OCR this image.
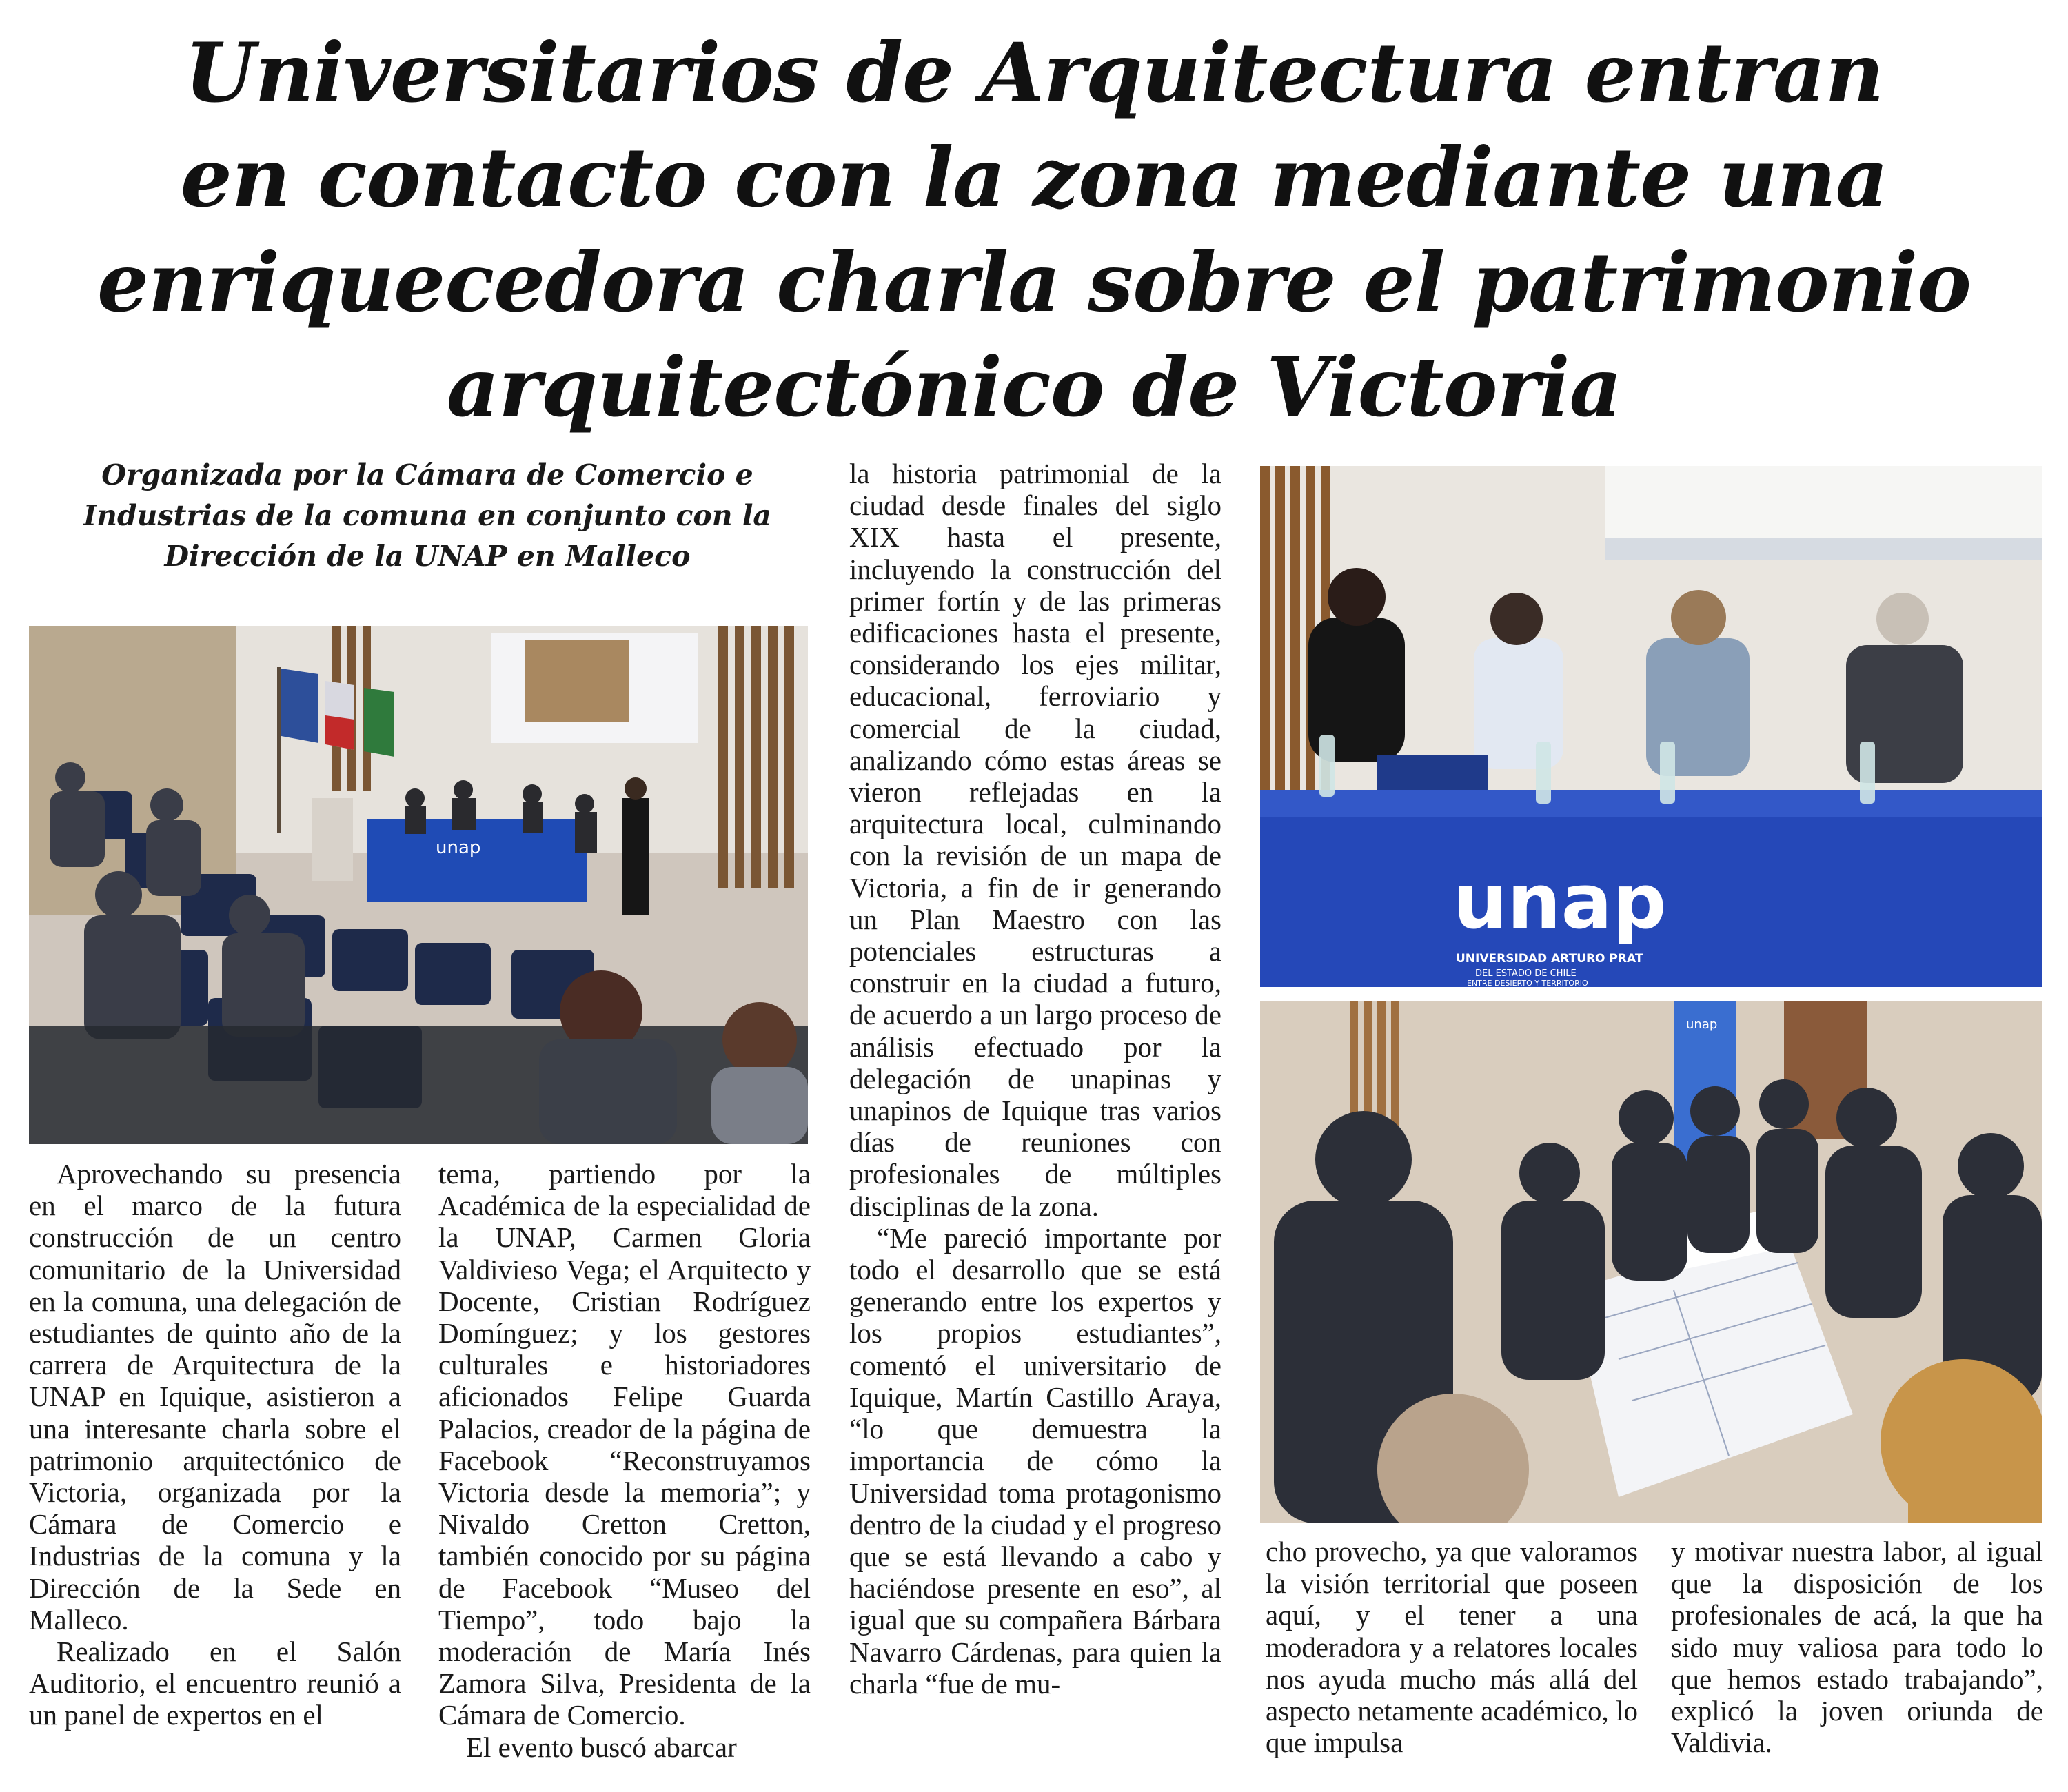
Universitarios de Arquitectura entran
en contacto con la zona mediante una
enriquecedora charla sobre el patrimonio
arquitectónico de Victoria
Organizada por la Cámara de Comercio e
Industrias de la comuna en conjunto con la
Dirección de la UNAP en Malleco
unap
unap
UNIVERSIDAD ARTURO PRAT
DEL ESTADO DE CHILE
ENTRE DESIERTO Y TERRITORIO
unap

Aprovechando su presencia en el marco de la futura construcción de un centro comunitario de la Universidad en la comuna, una delegación de estudiantes de quinto año de la carrera de Arquitectura de la UNAP en Iquique, asistieron a una interesante charla sobre el patrimonio arquitectónico de Victoria, organizada por la Cámara de Comercio e Industrias de la comuna y la Dirección de la Sede en Malleco.

Realizado en el Salón Auditorio, el encuentro reunió a un panel de expertos en el

tema, partiendo por la Académica de la especialidad de la UNAP, Carmen Gloria Valdivieso Vega; el Arquitecto y Docente, Cristian Rodríguez Domínguez; y los gestores culturales e historiadores aficionados Felipe Guarda Palacios, creador de la página de Facebook “Reconstruyamos Victoria desde la memoria”; y Nivaldo Cretton Cretton, también conocido por su página de Facebook “Museo del Tiempo”, todo bajo la moderación de María Inés Zamora Silva, Presidenta de la Cámara de Comercio.

El evento buscó abarcar

la historia patrimonial de la ciudad desde finales del siglo XIX hasta el presente, incluyendo la construcción del primer fortín y de las primeras edificaciones hasta el presente, considerando los ejes militar, educacional, ferroviario y comercial de la ciudad, analizando cómo estas áreas se vieron reflejadas en la arquitectura local, culminando con la revisión de un mapa de Victoria, a fin de ir generando un Plan Maestro con las potenciales estructuras a construir en la ciudad a futuro, de acuerdo a un largo proceso de análisis efectuado por la delegación de unapinas y unapinos de Iquique tras varios días de reuniones con profesionales de múltiples disciplinas de la zona.

“Me pareció importante por todo el desarrollo que se está generando entre los expertos y los propios estudiantes”, comentó el universitario de Iquique, Martín Castillo Araya, “lo que demuestra la importancia de cómo la Universidad toma protagonismo dentro de la ciudad y el progreso que se está llevando a cabo y haciéndose presente en eso”, al igual que su compañera Bárbara Navarro Cárdenas, para quien la charla “fue de mu-

cho provecho, ya que valoramos la visión territorial que poseen aquí, y el tener a una moderadora y a relatores locales nos ayuda mucho más allá del aspecto netamente académico, lo que impulsa

y motivar nuestra labor, al igual que la disposición de los profesionales de acá, la que ha sido muy valiosa para todo lo que hemos estado trabajando”, explicó la joven oriunda de Valdivia.
